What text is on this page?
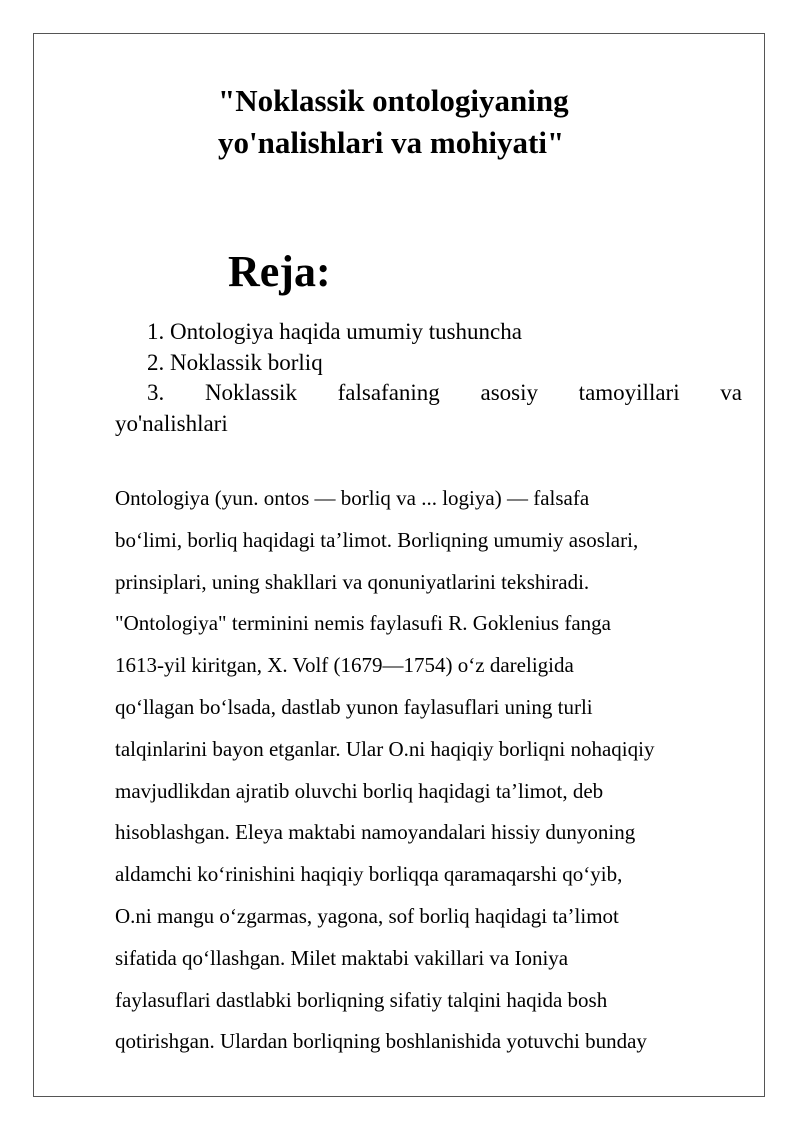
"Noklassik ontologiyaning
yo'nalishlari va mohiyati"
Reja:
1. Ontologiya haqida umumiy tushuncha
2. Noklassik borliq
3. Noklassik falsafaning asosiy tamoyillari va
yo'nalishlari

Ontologiya (yun. ontos — borliq va ... logiya) — falsafa
bo‘limi, borliq haqidagi ta’limot. Borliqning umumiy asoslari,
prinsiplari, uning shakllari va qonuniyatlarini tekshiradi.
"Ontologiya" terminini nemis faylasufi R. Goklenius fanga
1613-yil kiritgan, X. Volf (1679—1754) o‘z dareligida
qo‘llagan bo‘lsada, dastlab yunon faylasuflari uning turli
talqinlarini bayon etganlar. Ular O.ni haqiqiy borliqni nohaqiqiy
mavjudlikdan ajratib oluvchi borliq haqidagi ta’limot, deb
hisoblashgan. Eleya maktabi namoyandalari hissiy dunyoning
aldamchi ko‘rinishini haqiqiy borliqqa qaramaqarshi qo‘yib,
O.ni mangu o‘zgarmas, yagona, sof borliq haqidagi ta’limot
sifatida qo‘llashgan. Milet maktabi vakillari va Ioniya
faylasuflari dastlabki borliqning sifatiy talqini haqida bosh
qotirishgan. Ulardan borliqning boshlanishida yotuvchi bunday
